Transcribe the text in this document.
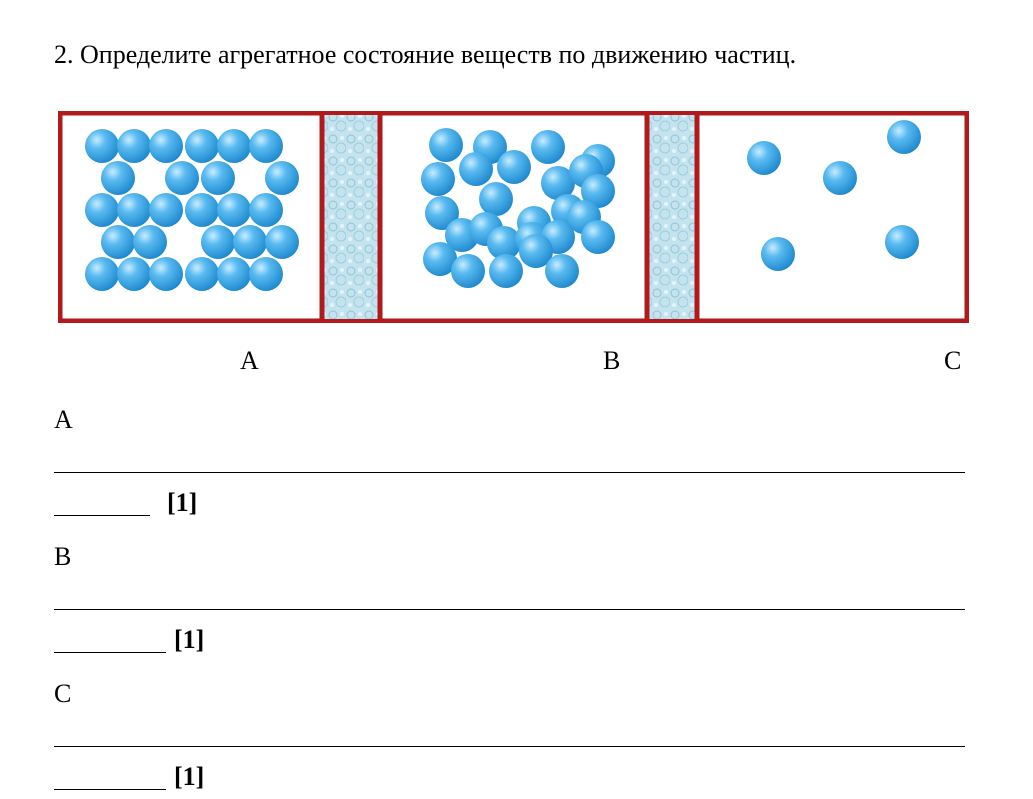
2. Определите агрегатное состояние веществ по движению частиц.
A	B	C
A
[1]
B
[1]
C
[1]
